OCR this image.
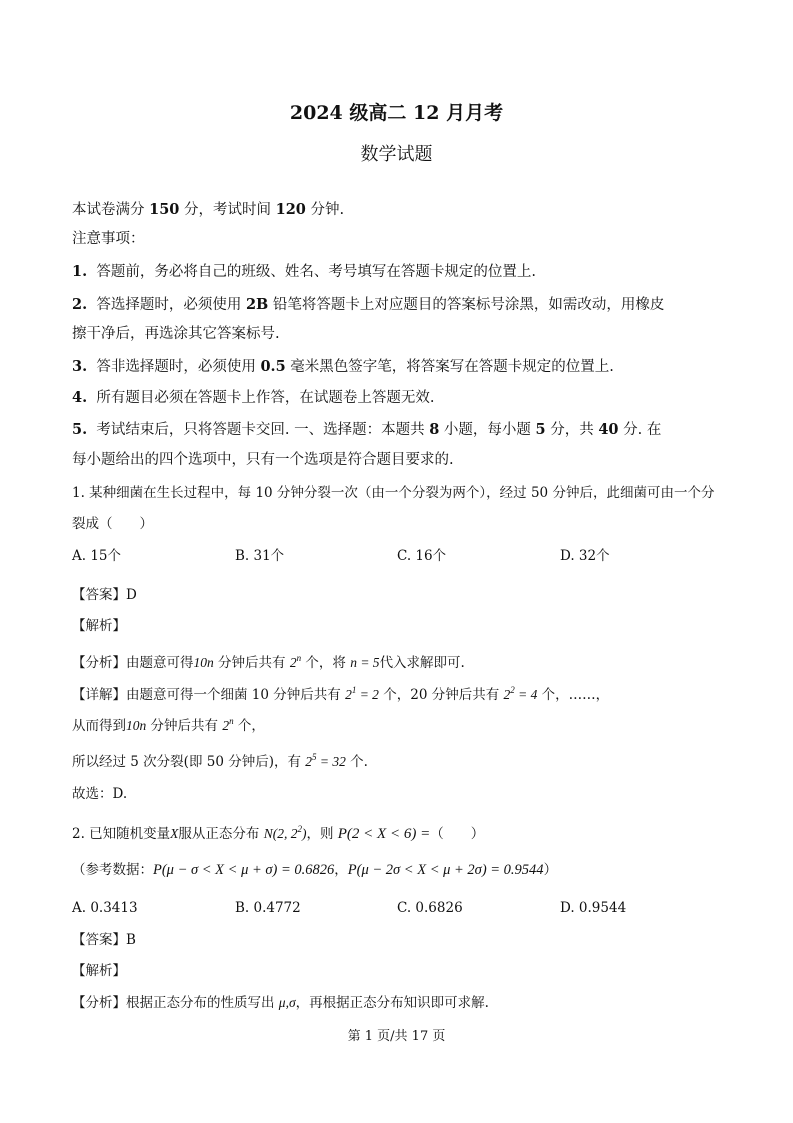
2024 级高二 12 月月考
数学试题
本试卷满分 150 分，考试时间 120 分钟.
注意事项：
1. 答题前，务必将自己的班级、姓名、考号填写在答题卡规定的位置上.
2. 答选择题时，必须使用 2B 铅笔将答题卡上对应题目的答案标号涂黑，如需改动，用橡皮
擦干净后，再选涂其它答案标号.
3. 答非选择题时，必须使用 0.5 毫米黑色签字笔，将答案写在答题卡规定的位置上.
4. 所有题目必须在答题卡上作答，在试题卷上答题无效.
5. 考试结束后，只将答题卡交回. 一、选择题：本题共 8 小题，每小题 5 分，共 40 分. 在
每小题给出的四个选项中，只有一个选项是符合题目要求的.
1. 某种细菌在生长过程中，每 10 分钟分裂一次（由一个分裂为两个），经过 50 分钟后，此细菌可由一个分
裂成（　　）
A. 15个	B. 31个	C. 16个	D. 32个
【答案】D
【解析】
【分析】由题意可得10n 分钟后共有 2$^n$ 个，将 n = 5代入求解即可.
【详解】由题意可得一个细菌 10 分钟后共有 $2^1 = 2$ 个，20 分钟后共有 $2^2 = 4$ 个，……，
从而得到10n 分钟后共有 2$^n$ 个，
所以经过 5 次分裂(即 50 分钟后)，有 $2^5 = 32$ 个.
故选：D.
2. 已知随机变量X服从正态分布 N(2, $2^2$)，则 P(2 < X < 6) =（　　）
（参考数据：P(μ − σ < X < μ + σ) = 0.6826，P(μ − 2σ < X < μ + 2σ) = 0.9544）
A. 0.3413	B. 0.4772	C. 0.6826	D. 0.9544
【答案】B
【解析】
【分析】根据正态分布的性质写出 μ,σ，再根据正态分布知识即可求解.
第 1 页/共 17 页
